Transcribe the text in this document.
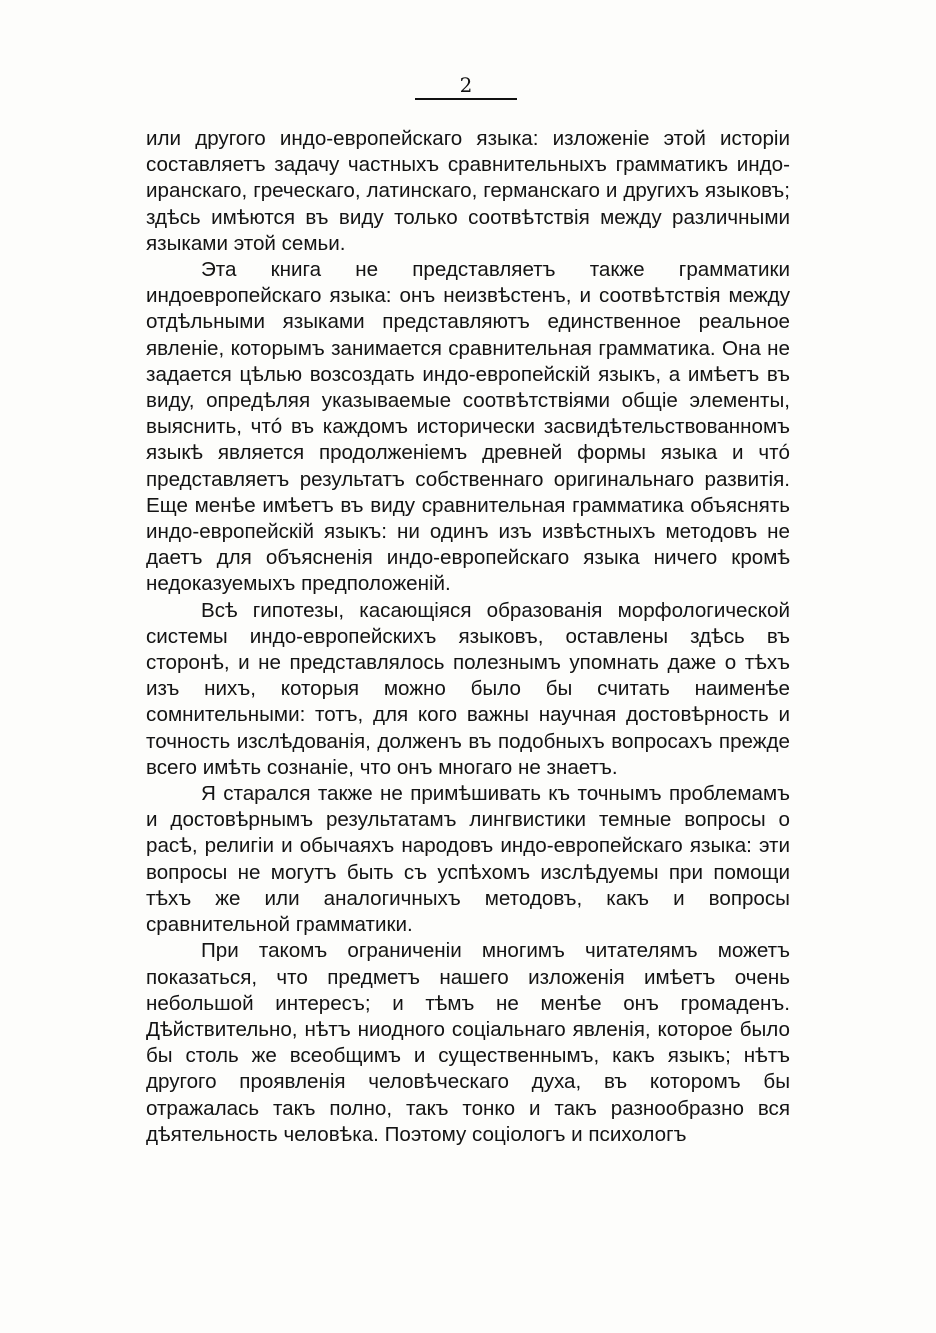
2

или другого индо-европейскаго языка: изложенiе этой исторiи составляетъ задачу частныхъ сравнительныхъ грамматикъ индо-иранскаго, греческаго, латинскаго, германскаго и другихъ языковъ; здѣсь имѣются въ виду только соотвѣтствiя между различными языками этой семьи.

Эта книга не представляетъ также грамматики индоевропейскаго языка: онъ неизвѣстенъ, и соотвѣтствiя между отдѣльными языками представляютъ единственное реальное явленiе, которымъ занимается сравнительная грамматика. Она не задается цѣлью возсоздать индо-европейскiй языкъ, а имѣетъ въ виду, опредѣляя указываемые соотвѣтствiями общiе элементы, выяснить, чтó въ каждомъ исторически засвидѣтельствованномъ языкѣ является продолженiемъ древней формы языка и чтó представляетъ результатъ собственнаго оригинальнаго развитiя. Еще менѣе имѣетъ въ виду сравнительная грамматика объяснять индо-европейскiй языкъ: ни одинъ изъ извѣстныхъ методовъ не даетъ для объясненiя индо-европейскаго языка ничего кромѣ недоказуемыхъ предположенiй.

Всѣ гипотезы, касающiяся образованiя морфологической системы индо-европейскихъ языковъ, оставлены здѣсь въ сторонѣ, и не представлялось полезнымъ упомнать даже о тѣхъ изъ нихъ, которыя можно было бы считать наименѣе сомнительными: тотъ, для кого важны научная достовѣрность и точность изслѣдованiя, долженъ въ подобныхъ вопросахъ прежде всего имѣть сознанiе, что онъ многаго не знаетъ.

Я старался также не примѣшивать къ точнымъ проблемамъ и достовѣрнымъ результатамъ лингвистики темные вопросы о расѣ, религiи и обычаяхъ народовъ индо-европейскаго языка: эти вопросы не могутъ быть съ успѣхомъ изслѣдуемы при помощи тѣхъ же или аналогичныхъ методовъ, какъ и вопросы сравнительной грамматики.

При такомъ ограниченiи многимъ читателямъ можетъ показаться, что предметъ нашего изложенiя имѣетъ очень небольшой интересъ; и тѣмъ не менѣе онъ громаденъ. Дѣйствительно, нѣтъ ниодного соцiальнаго явленiя, которое было бы столь же всеобщимъ и существеннымъ, какъ языкъ; нѣтъ другого проявленiя человѣческаго духа, въ которомъ бы отражалась такъ полно, такъ тонко и такъ разнообразно вся дѣятельность человѣка. Поэтому соцiологъ и психологъ
